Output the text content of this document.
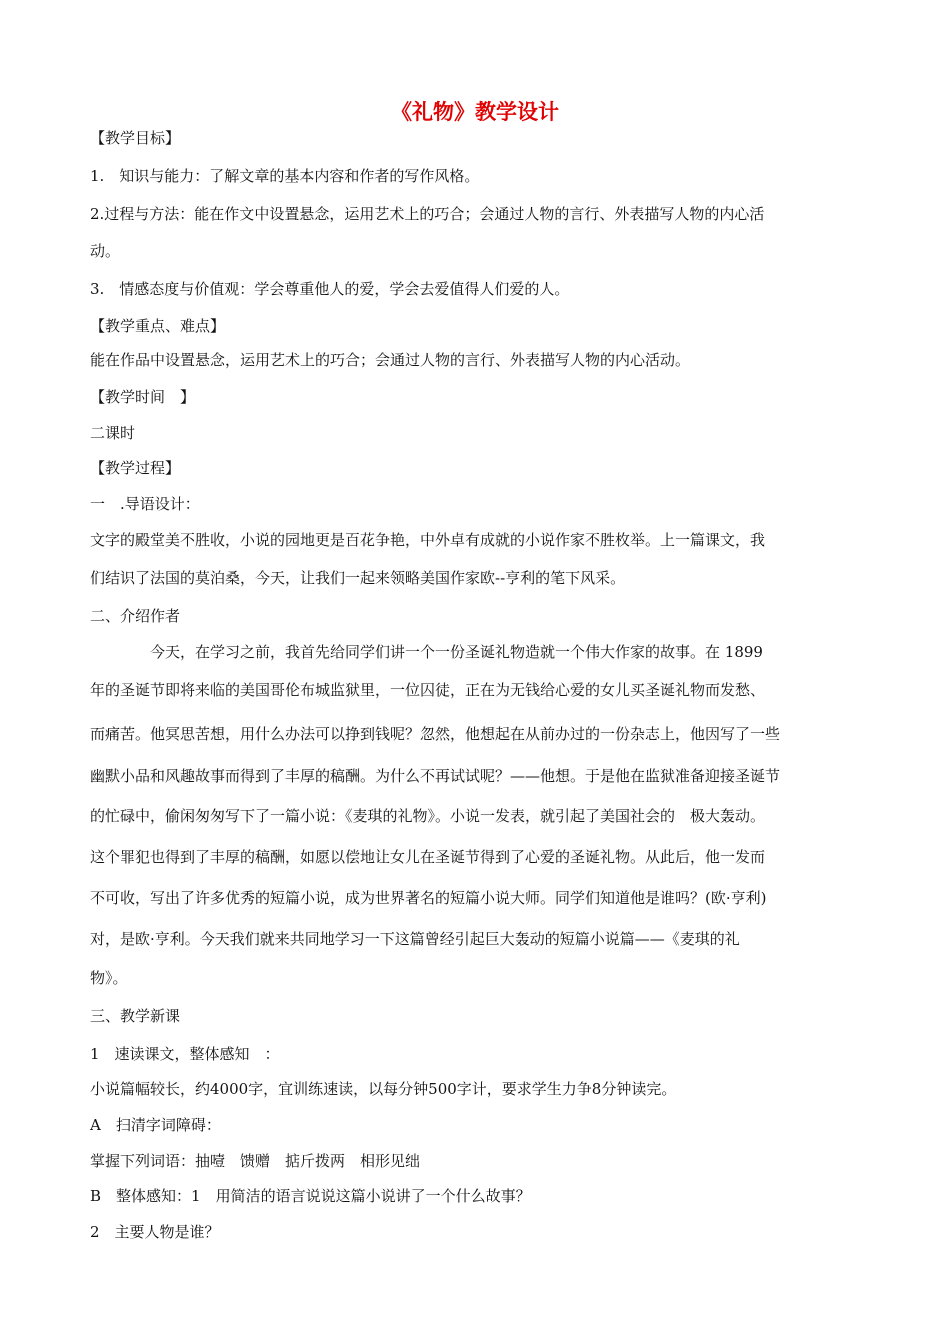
《礼物》教学设计

【教学目标】

1.　知识与能力：了解文章的基本内容和作者的写作风格。

2.过程与方法：能在作文中设置悬念，运用艺术上的巧合；会通过人物的言行、外表描写人物的内心活

动。

3.　情感态度与价值观：学会尊重他人的爱，学会去爱值得人们爱的人。

【教学重点、难点】

能在作品中设置悬念，运用艺术上的巧合；会通过人物的言行、外表描写人物的内心活动。

【教学时间　】

二课时

【教学过程】

一　.导语设计：

文字的殿堂美不胜收，小说的园地更是百花争艳，中外卓有成就的小说作家不胜枚举。上一篇课文，我

们结识了法国的莫泊桑，今天，让我们一起来领略美国作家欧--亨利的笔下风采。

二、介绍作者

　　　　今天，在学习之前，我首先给同学们讲一个一份圣诞礼物造就一个伟大作家的故事。在 1899

年的圣诞节即将来临的美国哥伦布城监狱里，一位囚徒，正在为无钱给心爱的女儿买圣诞礼物而发愁、

而痛苦。他冥思苦想，用什么办法可以挣到钱呢？忽然，他想起在从前办过的一份杂志上，他因写了一些

幽默小品和风趣故事而得到了丰厚的稿酬。为什么不再试试呢？——他想。于是他在监狱准备迎接圣诞节

的忙碌中，偷闲匆匆写下了一篇小说：《麦琪的礼物》。小说一发表，就引起了美国社会的　极大轰动。

这个罪犯也得到了丰厚的稿酬，如愿以偿地让女儿在圣诞节得到了心爱的圣诞礼物。从此后，他一发而

不可收，写出了许多优秀的短篇小说，成为世界著名的短篇小说大师。同学们知道他是谁吗？(欧·亨利)

对，是欧·亨利。今天我们就来共同地学习一下这篇曾经引起巨大轰动的短篇小说篇——《麦琪的礼

物》。

三、教学新课

1　速读课文，整体感知　：

小说篇幅较长，约4000字，宜训练速读，以每分钟500字计，要求学生力争8分钟读完。

A　扫清字词障碍：

掌握下列词语：抽噎　馈赠　掂斤拨两　相形见绌

B　整体感知：1　用简洁的语言说说这篇小说讲了一个什么故事？

2　主要人物是谁？
